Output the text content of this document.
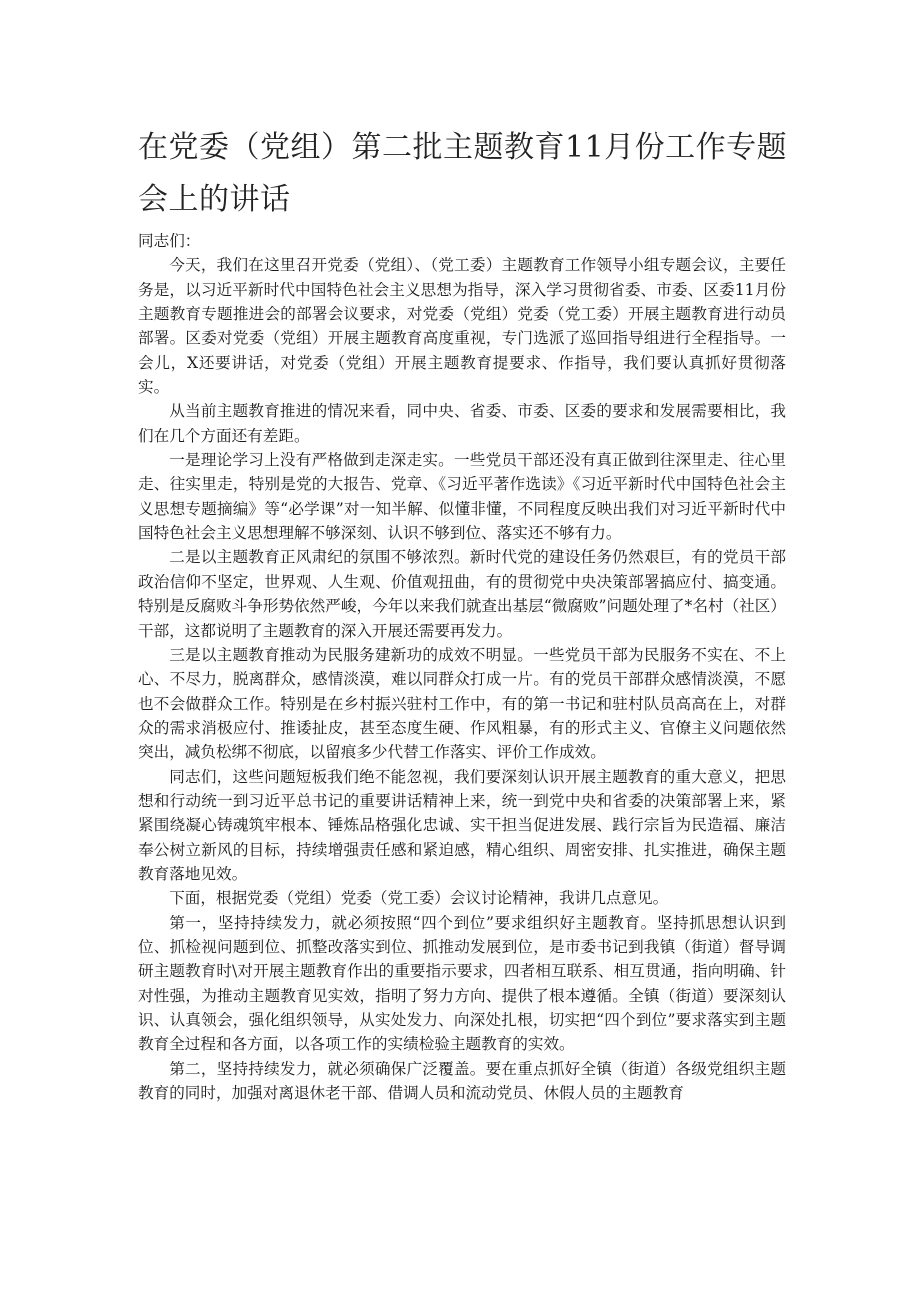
在党委（党组）第二批主题教育11月份工作专题会上的讲话

同志们：

今天，我们在这里召开党委（党组）、（党工委）主题教育工作领导小组专题会议，主要任务是，以习近平新时代中国特色社会主义思想为指导，深入学习贯彻省委、市委、区委11月份主题教育专题推进会的部署会议要求，对党委（党组）党委（党工委）开展主题教育进行动员部署。区委对党委（党组）开展主题教育高度重视，专门选派了巡回指导组进行全程指导。一会儿，X还要讲话，对党委（党组）开展主题教育提要求、作指导，我们要认真抓好贯彻落实。

从当前主题教育推进的情况来看，同中央、省委、市委、区委的要求和发展需要相比，我们在几个方面还有差距。

一是理论学习上没有严格做到走深走实。一些党员干部还没有真正做到往深里走、往心里走、往实里走，特别是党的大报告、党章、《习近平著作选读》《习近平新时代中国特色社会主义思想专题摘编》等“必学课”对一知半解、似懂非懂，不同程度反映出我们对习近平新时代中国特色社会主义思想理解不够深刻、认识不够到位、落实还不够有力。

二是以主题教育正风肃纪的氛围不够浓烈。新时代党的建设任务仍然艰巨，有的党员干部政治信仰不坚定，世界观、人生观、价值观扭曲，有的贯彻党中央决策部署搞应付、搞变通。特别是反腐败斗争形势依然严峻，今年以来我们就查出基层“微腐败”问题处理了*名村（社区）干部，这都说明了主题教育的深入开展还需要再发力。

三是以主题教育推动为民服务建新功的成效不明显。一些党员干部为民服务不实在、不上心、不尽力，脱离群众，感情淡漠，难以同群众打成一片。有的党员干部群众感情淡漠，不愿也不会做群众工作。特别是在乡村振兴驻村工作中，有的第一书记和驻村队员高高在上，对群众的需求消极应付、推诿扯皮，甚至态度生硬、作风粗暴，有的形式主义、官僚主义问题依然突出，减负松绑不彻底，以留痕多少代替工作落实、评价工作成效。

同志们，这些问题短板我们绝不能忽视，我们要深刻认识开展主题教育的重大意义，把思想和行动统一到习近平总书记的重要讲话精神上来，统一到党中央和省委的决策部署上来，紧紧围绕凝心铸魂筑牢根本、锤炼品格强化忠诚、实干担当促进发展、践行宗旨为民造福、廉洁奉公树立新风的目标，持续增强责任感和紧迫感，精心组织、周密安排、扎实推进，确保主题教育落地见效。

下面，根据党委（党组）党委（党工委）会议讨论精神，我讲几点意见。

第一，坚持持续发力，就必须按照“四个到位”要求组织好主题教育。坚持抓思想认识到位、抓检视问题到位、抓整改落实到位、抓推动发展到位，是市委书记到我镇（街道）督导调研主题教育时\对开展主题教育作出的重要指示要求，四者相互联系、相互贯通，指向明确、针对性强，为推动主题教育见实效，指明了努力方向、提供了根本遵循。全镇（街道）要深刻认识、认真领会，强化组织领导，从实处发力、向深处扎根，切实把“四个到位”要求落实到主题教育全过程和各方面，以各项工作的实绩检验主题教育的实效。

第二，坚持持续发力，就必须确保广泛覆盖。要在重点抓好全镇（街道）各级党组织主题教育的同时，加强对离退休老干部、借调人员和流动党员、休假人员的主题教育
